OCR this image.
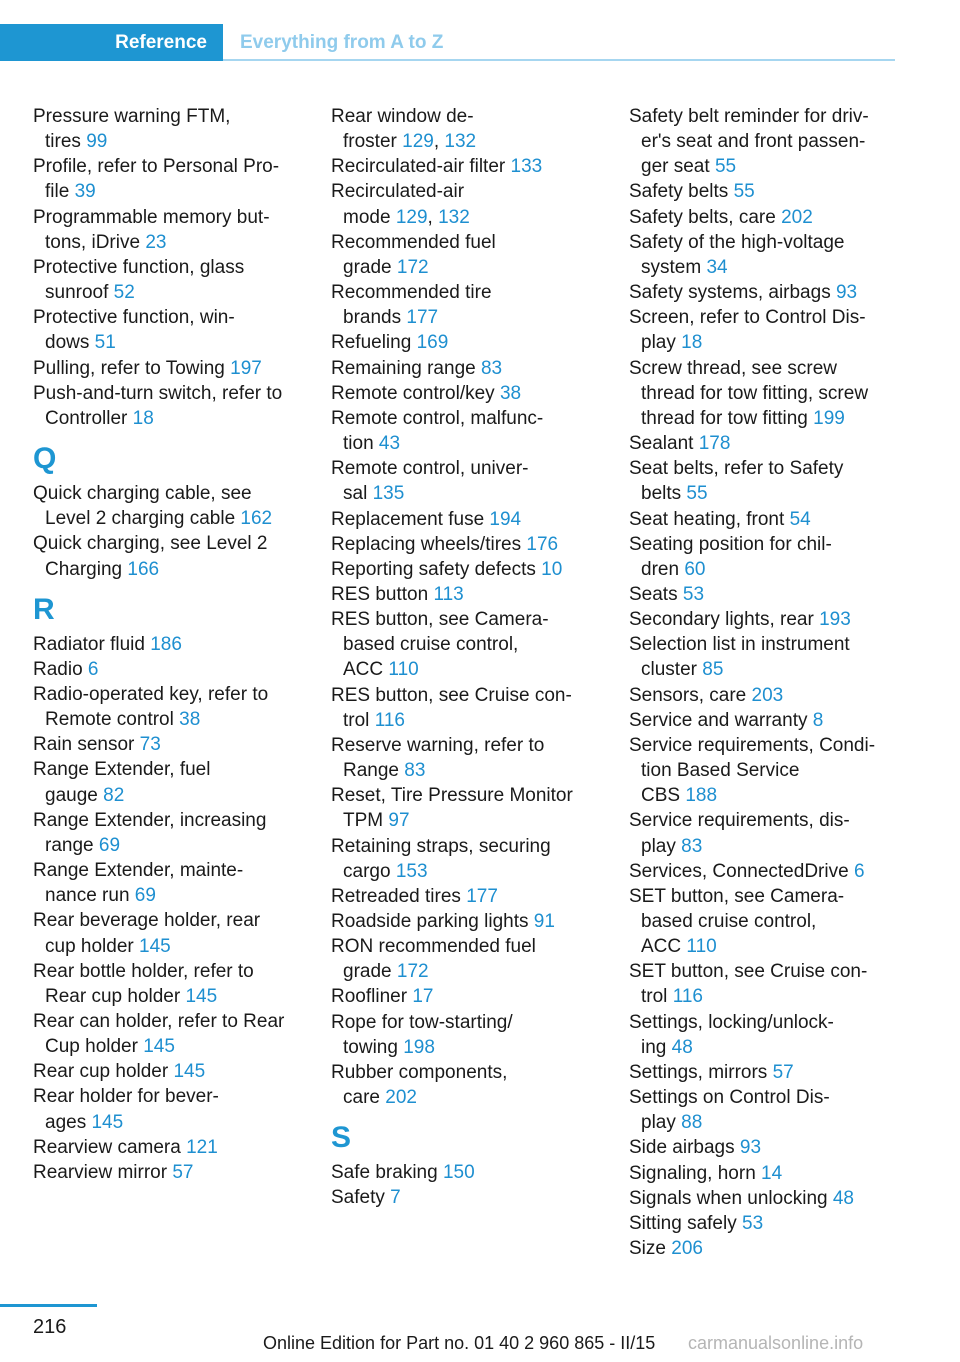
Reference	Everything from A to Z
Pressure warning FTM,
tires 99
Profile, refer to Personal Pro-
file 39
Programmable memory but-
tons, iDrive 23
Protective function, glass
sunroof 52
Protective function, win-
dows 51
Pulling, refer to Towing 197
Push-and-turn switch, refer to
Controller 18
Q
Quick charging cable, see
Level 2 charging cable 162
Quick charging, see Level 2
Charging 166
R
Radiator fluid 186
Radio 6
Radio-operated key, refer to
Remote control 38
Rain sensor 73
Range Extender, fuel
gauge 82
Range Extender, increasing
range 69
Range Extender, mainte-
nance run 69
Rear beverage holder, rear
cup holder 145
Rear bottle holder, refer to
Rear cup holder 145
Rear can holder, refer to Rear
Cup holder 145
Rear cup holder 145
Rear holder for bever-
ages 145
Rearview camera 121
Rearview mirror 57
Rear window de-
froster 129, 132
Recirculated-air filter 133
Recirculated-air
mode 129, 132
Recommended fuel
grade 172
Recommended tire
brands 177
Refueling 169
Remaining range 83
Remote control/key 38
Remote control, malfunc-
tion 43
Remote control, univer-
sal 135
Replacement fuse 194
Replacing wheels/tires 176
Reporting safety defects 10
RES button 113
RES button, see Camera-
based cruise control,
ACC 110
RES button, see Cruise con-
trol 116
Reserve warning, refer to
Range 83
Reset, Tire Pressure Monitor
TPM 97
Retaining straps, securing
cargo 153
Retreaded tires 177
Roadside parking lights 91
RON recommended fuel
grade 172
Roofliner 17
Rope for tow-starting/
towing 198
Rubber components,
care 202
S
Safe braking 150
Safety 7
Safety belt reminder for driv-
er's seat and front passen-
ger seat 55
Safety belts 55
Safety belts, care 202
Safety of the high-voltage
system 34
Safety systems, airbags 93
Screen, refer to Control Dis-
play 18
Screw thread, see screw
thread for tow fitting, screw
thread for tow fitting 199
Sealant 178
Seat belts, refer to Safety
belts 55
Seat heating, front 54
Seating position for chil-
dren 60
Seats 53
Secondary lights, rear 193
Selection list in instrument
cluster 85
Sensors, care 203
Service and warranty 8
Service requirements, Condi-
tion Based Service
CBS 188
Service requirements, dis-
play 83
Services, ConnectedDrive 6
SET button, see Camera-
based cruise control,
ACC 110
SET button, see Cruise con-
trol 116
Settings, locking/unlock-
ing 48
Settings, mirrors 57
Settings on Control Dis-
play 88
Side airbags 93
Signaling, horn 14
Signals when unlocking 48
Sitting safely 53
Size 206
216
Online Edition for Part no. 01 40 2 960 865 - II/15 carmanualsonline.info
